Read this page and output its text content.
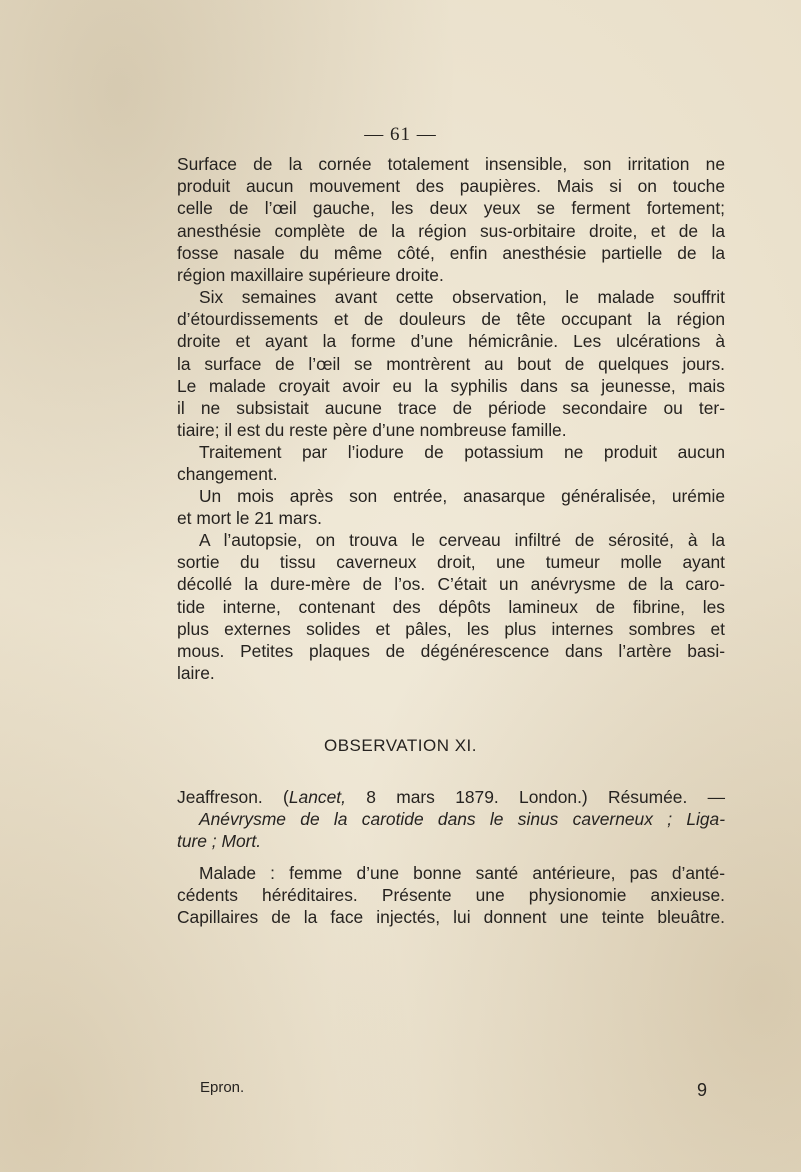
— 61 —
Surface de la cornée totalement insensible, son irritation ne
produit aucun mouvement des paupières. Mais si on touche
celle de l’œil gauche, les deux yeux se ferment fortement;
anesthésie complète de la région sus-orbitaire droite, et de la
fosse nasale du même côté, enfin anesthésie partielle de la
région maxillaire supérieure droite.
Six semaines avant cette observation, le malade souffrit
d’étourdissements et de douleurs de tête occupant la région
droite et ayant la forme d’une hémicrânie. Les ulcérations à
la surface de l’œil se montrèrent au bout de quelques jours.
Le malade croyait avoir eu la syphilis dans sa jeunesse, mais
il ne subsistait aucune trace de période secondaire ou ter-
tiaire; il est du reste père d’une nombreuse famille.
Traitement par l’iodure de potassium ne produit aucun
changement.
Un mois après son entrée, anasarque généralisée, urémie
et mort le 21 mars.
A l’autopsie, on trouva le cerveau infiltré de sérosité, à la
sortie du tissu caverneux droit, une tumeur molle ayant
décollé la dure-mère de l’os. C’était un anévrysme de la caro-
tide interne, contenant des dépôts lamineux de fibrine, les
plus externes solides et pâles, les plus internes sombres et
mous. Petites plaques de dégénérescence dans l’artère basi-
laire.
OBSERVATION XI.
Jeaffreson. (Lancet, 8 mars 1879. London.) Résumée. —
Anévrysme de la carotide dans le sinus caverneux ; Liga-
ture ; Mort.
Malade : femme d’une bonne santé antérieure, pas d’anté-
cédents héréditaires. Présente une physionomie anxieuse.
Capillaires de la face injectés, lui donnent une teinte bleuâtre.
Epron.	9
